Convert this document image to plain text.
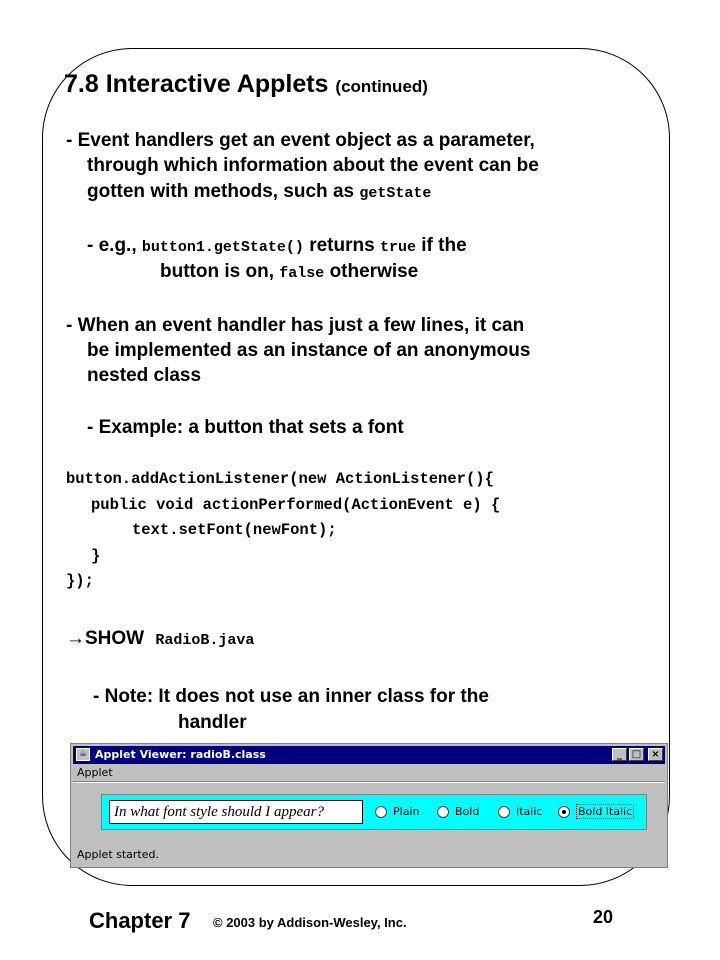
7.8 Interactive Applets (continued)
- Event handlers get an event object as a parameter,
through which information about the event can be
gotten with methods, such as getState
- e.g., button1.getState() returns true if the
button is on, false otherwise
- When an event handler has just a few lines, it can
be implemented as an instance of an anonymous
nested class
- Example: a button that sets a font
button.addActionListener(new ActionListener(){
public void actionPerformed(ActionEvent e) {
text.setFont(newFont);
}
});
→SHOW RadioB.java
- Note: It does not use an inner class for the
handler
☕ Applet Viewer: radioB.class	_ □	×
Applet
In what font style should I appear?	Plain	Bold	Italic	Bold Italic
Applet started.
Chapter 7 © 2003 by Addison-Wesley, Inc.	20
